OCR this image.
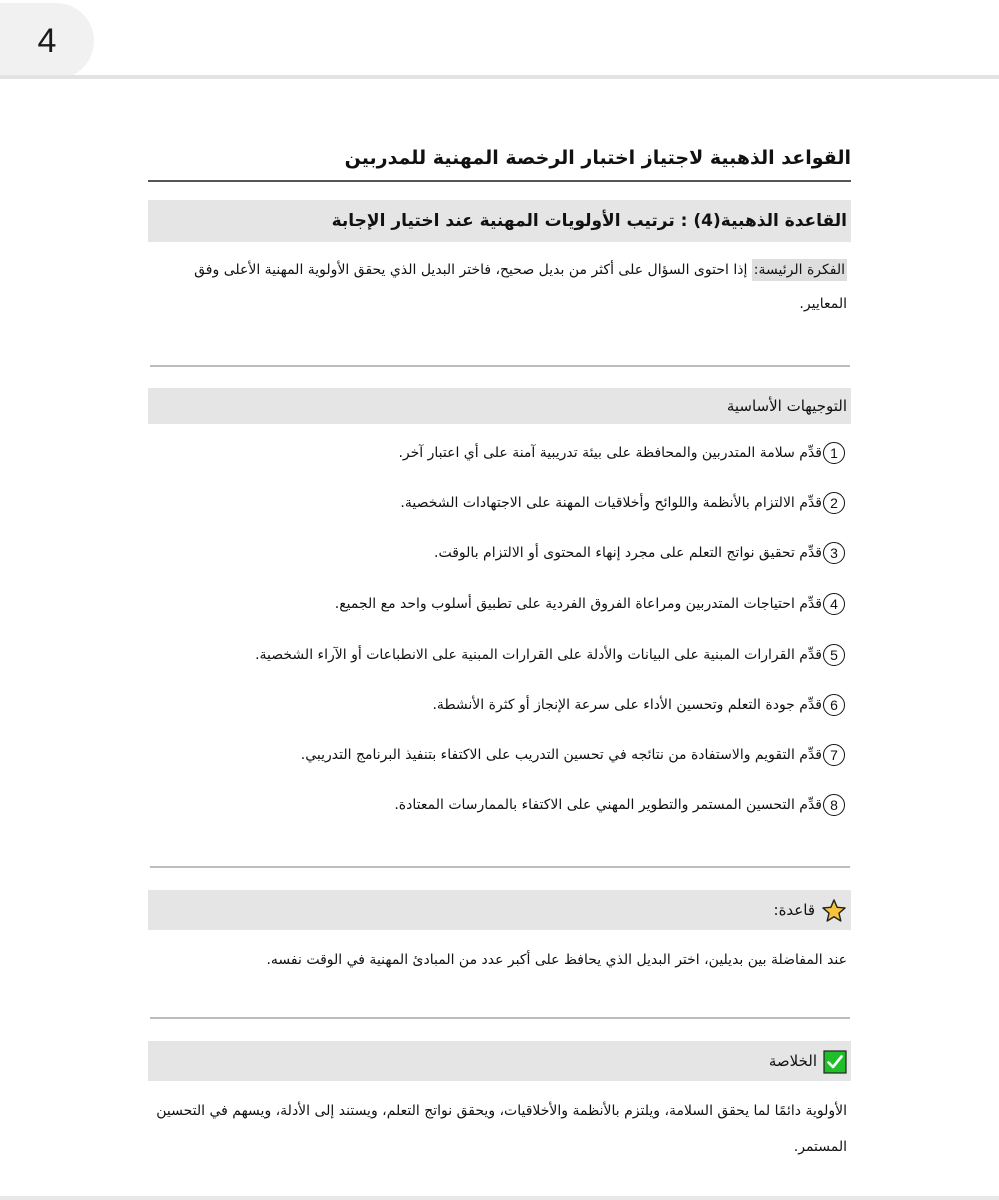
4
القواعد الذهبية لاجتياز اختبار الرخصة المهنية للمدربين
القاعدة الذهبية(4) : ترتيب الأولويات المهنية عند اختيار الإجابة
الفكرة الرئيسة: إذا احتوى السؤال على أكثر من بديل صحيح، فاختر البديل الذي يحقق الأولوية المهنية الأعلى وفق المعايير.
التوجيهات الأساسية
1
قدِّم سلامة المتدربين والمحافظة على بيئة تدريبية آمنة على أي اعتبار آخر.
2
قدِّم الالتزام بالأنظمة واللوائح وأخلاقيات المهنة على الاجتهادات الشخصية.
3
قدِّم تحقيق نواتج التعلم على مجرد إنهاء المحتوى أو الالتزام بالوقت.
4
قدِّم احتياجات المتدربين ومراعاة الفروق الفردية على تطبيق أسلوب واحد مع الجميع.
5
قدِّم القرارات المبنية على البيانات والأدلة على القرارات المبنية على الانطباعات أو الآراء الشخصية.
6
قدِّم جودة التعلم وتحسين الأداء على سرعة الإنجاز أو كثرة الأنشطة.
7
قدِّم التقويم والاستفادة من نتائجه في تحسين التدريب على الاكتفاء بتنفيذ البرنامج التدريبي.
8
قدِّم التحسين المستمر والتطوير المهني على الاكتفاء بالممارسات المعتادة.
قاعدة:
عند المفاضلة بين بديلين، اختر البديل الذي يحافظ على أكبر عدد من المبادئ المهنية في الوقت نفسه.
الخلاصة
الأولوية دائمًا لما يحقق السلامة، ويلتزم بالأنظمة والأخلاقيات، ويحقق نواتج التعلم، ويستند إلى الأدلة، ويسهم في التحسين المستمر.
